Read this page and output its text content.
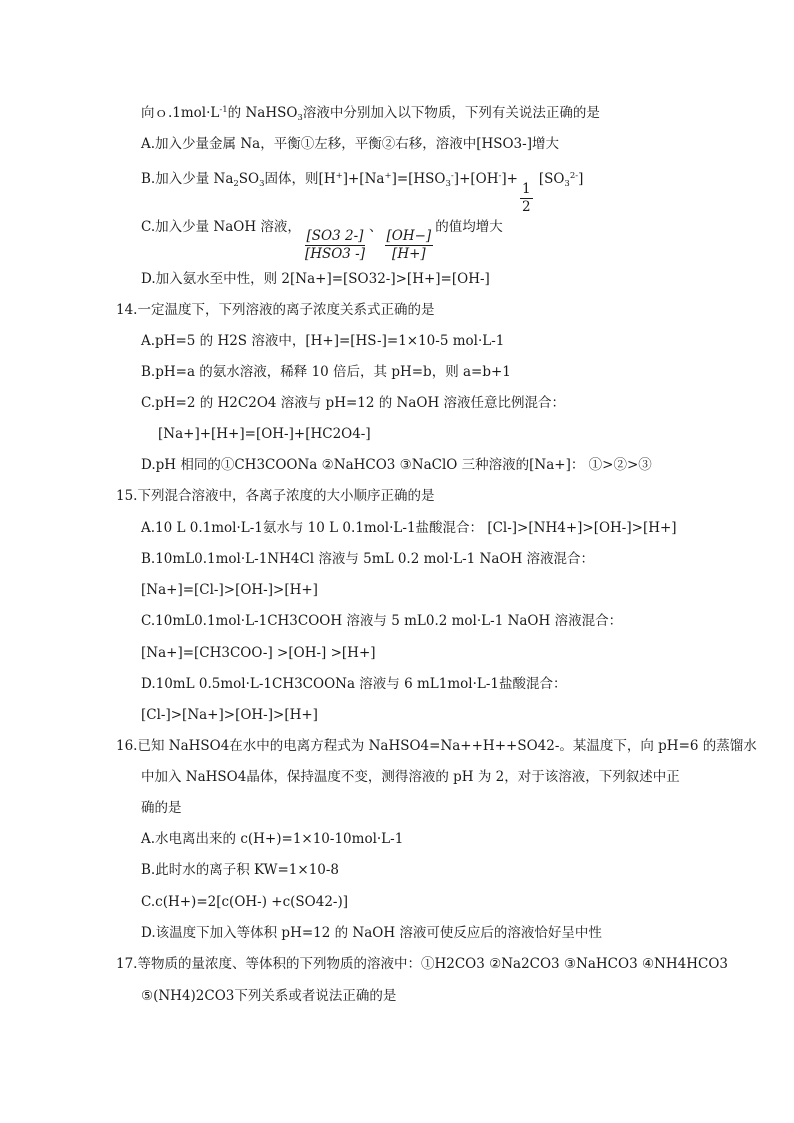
向$o.1mol\cdot L^{-1}$的 NaHSO$_3$溶液中分别加入以下物质，下列有关说法正确的是
A.加入少量金属 Na，平衡①左移，平衡②右移，溶液中[HSO3-]增大
B.加入少量 $Na_2SO_3$固体，则$[H^+]+[Na^+]=[HSO_3^-]+[OH^-]+$
$\frac{1}{2}$
$[SO_3^{2-}]$
C.加入少量 NaOH 溶液，
$\frac{[SO3 2-]}{\text{[HSO3 -]}}$
、
$\frac{[OH-]}{[H+]}$
的值均增大
D.加入氨水至中性，则 2[Na+]=[SO32-]>[H+]=[OH-]
14.一定温度下，下列溶液的离子浓度关系式正确的是
A.pH=5 的 H2S 溶液中，[H+]=[HS-]=1×10-5 mol·L-1
B.pH=a 的氨水溶液，稀释 10 倍后，其 pH=b，则 a=b+1
C.pH=2 的 H2C2O4 溶液与 pH=12 的 NaOH 溶液任意比例混合：
[Na+]+[H+]=[OH-]+[HC2O4-]
D.pH 相同的①CH3COONa ②NaHCO3 ③NaClO 三种溶液的[Na+]： ①>②>③
15.下列混合溶液中，各离子浓度的大小顺序正确的是
A.10 L 0.1mol·L-1氨水与 10 L 0.1mol·L-1盐酸混合： [Cl-]>[NH4+]>[OH-]>[H+]
B.10mL0.1mol·L-1NH4Cl 溶液与 5mL 0.2 mol·L-1 NaOH 溶液混合：
[Na+]=[Cl-]>[OH-]>[H+]
C.10mL0.1mol·L-1CH3COOH 溶液与 5 mL0.2 mol·L-1 NaOH 溶液混合：
[Na+]=[CH3COO-] >[OH-] >[H+]
D.10mL 0.5mol·L-1CH3COONa 溶液与 6 mL1mol·L-1盐酸混合：
[Cl-]>[Na+]>[OH-]>[H+]
16.已知 NaHSO4在水中的电离方程式为 NaHSO4=Na++H++SO42-。某温度下，向 pH=6 的蒸馏水
中加入 NaHSO4晶体，保持温度不变，测得溶液的 pH 为 2，对于该溶液，下列叙述中正
确的是
A.水电离出来的 c(H+)=1×10-10mol·L-1
B.此时水的离子积 KW=1×10-8
C.c(H+)=2[c(OH-) +c(SO42-)]
D.该温度下加入等体积 pH=12 的 NaOH 溶液可使反应后的溶液恰好呈中性
17.等物质的量浓度、等体积的下列物质的溶液中：①H2CO3 ②Na2CO3 ③NaHCO3 ④NH4HCO3
⑤(NH4)2CO3下列关系或者说法正确的是
